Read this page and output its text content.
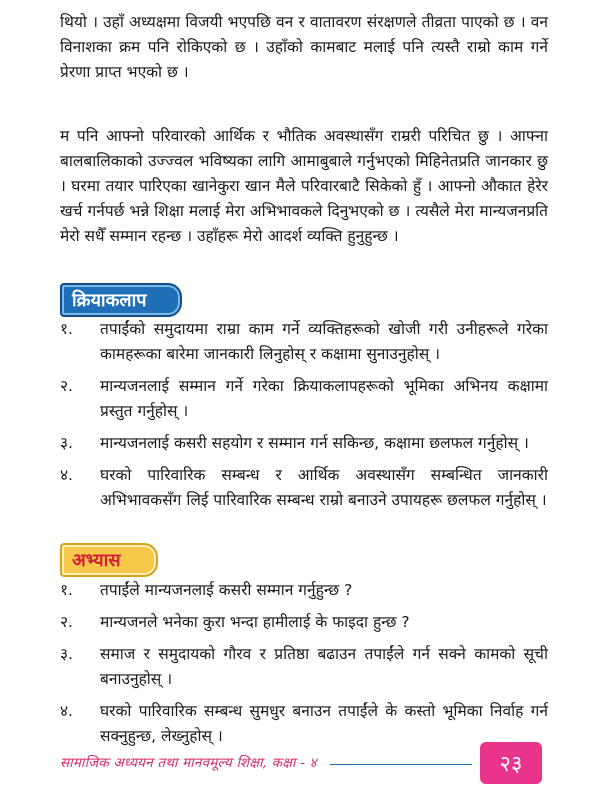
थियो । उहाँ अध्यक्षमा विजयी भएपछि वन र वातावरण संरक्षणले तीव्रता पाएको छ । वन विनाशका क्रम पनि रोकिएको छ । उहाँको कामबाट मलाई पनि त्यस्तै राम्रो काम गर्ने प्रेरणा प्राप्त भएको छ ।

म पनि आफ्नो परिवारको आर्थिक र भौतिक अवस्थासँग राम्ररी परिचित छु । आफ्ना बालबालिकाको उज्ज्वल भविष्यका लागि आमाबुबाले गर्नुभएको मिहिनेतप्रति जानकार छु । घरमा तयार पारिएका खानेकुरा खान मैले परिवारबाटै सिकेको हुँ । आफ्नो औकात हेरेर खर्च गर्नपर्छ भन्ने शिक्षा मलाई मेरा अभिभावकले दिनुभएको छ । त्यसैले मेरा मान्यजनप्रति मेरो सधैँ सम्मान रहन्छ । उहाँहरू मेरो आदर्श व्यक्ति हुनुहुन्छ ।

क्रियाकलाप
१. तपाईंको समुदायमा राम्रा काम गर्ने व्यक्तिहरूको खोजी गरी उनीहरूले गरेका कामहरूका बारेमा जानकारी लिनुहोस् र कक्षामा सुनाउनुहोस् ।

२. मान्यजनलाई सम्मान गर्ने गरेका क्रियाकलापहरूको भूमिका अभिनय कक्षामा प्रस्तुत गर्नुहोस् ।

३. मान्यजनलाई कसरी सहयोग र सम्मान गर्न सकिन्छ, कक्षामा छलफल गर्नुहोस् ।

४. घरको पारिवारिक सम्बन्ध र आर्थिक अवस्थासँग सम्बन्धित जानकारी अभिभावकसँग लिई पारिवारिक सम्बन्ध राम्रो बनाउने उपायहरू छलफल गर्नुहोस् ।

अभ्यास
१. तपाईंले मान्यजनलाई कसरी सम्मान गर्नुहुन्छ ?

२. मान्यजनले भनेका कुरा भन्दा हामीलाई के फाइदा हुन्छ ?

३. समाज र समुदायको गौरव र प्रतिष्ठा बढाउन तपाईंले गर्न सक्ने कामको सूची बनाउनुहोस् ।

४. घरको पारिवारिक सम्बन्ध सुमधुर बनाउन तपाईंले के कस्तो भूमिका निर्वाह गर्न सक्नुहुन्छ, लेख्नुहोस् ।

सामाजिक अध्ययन तथा मानवमूल्य शिक्षा, कक्षा - ४	२३
